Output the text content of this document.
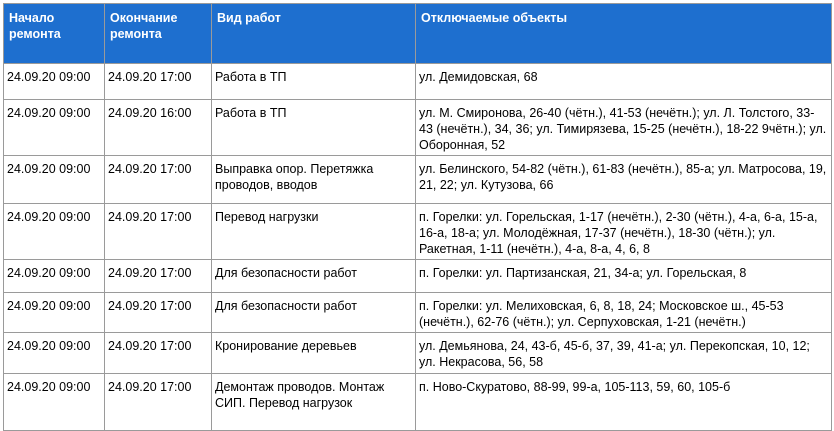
Начало ремонта	Окончание ремонта	Вид работ	Отключаемые объекты
24.09.20 09:00	24.09.20 17:00	Работа в ТП	ул. Демидовская, 68
24.09.20 09:00	24.09.20 16:00	Работа в ТП	ул. М. Смиронова, 26-40 (чётн.), 41-53 (нечётн.); ул. Л. Толстого, 33-43 (нечётн.), 34, 36; ул. Тимирязева, 15-25 (нечётн.), 18-22 9чётн.); ул. Оборонная, 52
24.09.20 09:00	24.09.20 17:00	Выправка опор. Перетяжка проводов, вводов	ул. Белинского, 54-82 (чётн.), 61-83 (нечётн.), 85-а; ул. Матросова, 19, 21, 22; ул. Кутузова, 66
24.09.20 09:00	24.09.20 17:00	Перевод нагрузки	п. Горелки: ул. Горельская, 1-17 (нечётн.), 2-30 (чётн.), 4-а, 6-а, 15-а, 16-а, 18-а; ул. Молодёжная, 17-37 (нечётн.), 18-30 (чётн.); ул. Ракетная, 1-11 (нечётн.), 4-а, 8-а, 4, 6, 8
24.09.20 09:00	24.09.20 17:00	Для безопасности работ	п. Горелки: ул. Партизанская, 21, 34-а; ул. Горельская, 8
24.09.20 09:00	24.09.20 17:00	Для безопасности работ	п. Горелки: ул. Мелиховская, 6, 8, 18, 24; Московское ш., 45-53 (нечётн.), 62-76 (чётн.); ул. Серпуховская, 1-21 (нечётн.)
24.09.20 09:00	24.09.20 17:00	Кронирование деревьев	ул. Демьянова, 24, 43-б, 45-б, 37, 39, 41-а; ул. Перекопская, 10, 12; ул. Некрасова, 56, 58
24.09.20 09:00	24.09.20 17:00	Демонтаж проводов. Монтаж СИП. Перевод нагрузок	п. Ново-Скуратово, 88-99, 99-а, 105-113, 59, 60, 105-б
